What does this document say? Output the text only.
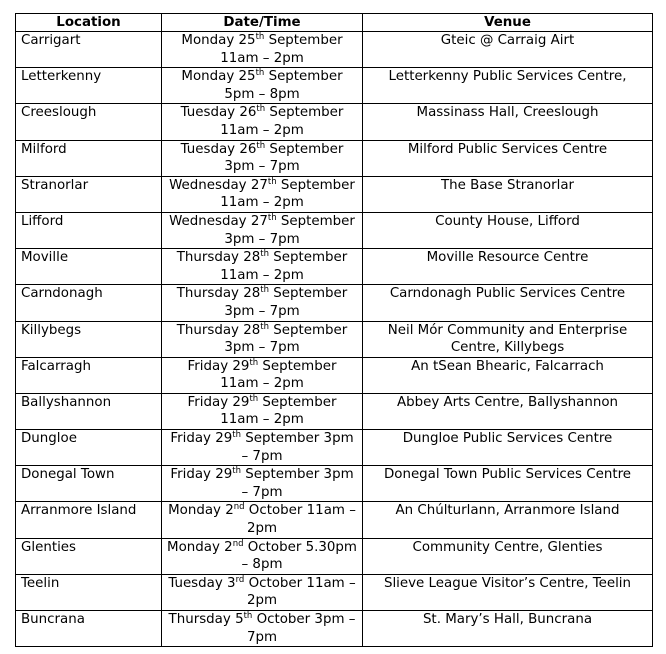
Location	Date/Time	Venue
Carrigart	Monday 25th September 11am – 2pm	Gteic @ Carraig Airt
Letterkenny	Monday 25th September 5pm – 8pm	Letterkenny Public Services Centre,
Creeslough	Tuesday 26th September 11am – 2pm	Massinass Hall, Creeslough
Milford	Tuesday 26th September 3pm – 7pm	Milford Public Services Centre
Stranorlar	Wednesday 27th September 11am – 2pm	The Base Stranorlar
Lifford	Wednesday 27th September 3pm – 7pm	County House, Lifford
Moville	Thursday 28th September 11am – 2pm	Moville Resource Centre
Carndonagh	Thursday 28th September 3pm – 7pm	Carndonagh Public Services Centre
Killybegs	Thursday 28th September 3pm – 7pm	Neil Mór Community and Enterprise Centre, Killybegs
Falcarragh	Friday 29th September 11am – 2pm	An tSean Bhearic, Falcarrach
Ballyshannon	Friday 29th September 11am – 2pm	Abbey Arts Centre, Ballyshannon
Dungloe	Friday 29th September 3pm – 7pm	Dungloe Public Services Centre
Donegal Town	Friday 29th September 3pm – 7pm	Donegal Town Public Services Centre
Arranmore Island	Monday 2nd October 11am – 2pm	An Chúlturlann, Arranmore Island
Glenties	Monday 2nd October 5.30pm – 8pm	Community Centre, Glenties
Teelin	Tuesday 3rd October 11am – 2pm	Slieve League Visitor’s Centre, Teelin
Buncrana	Thursday 5th October 3pm – 7pm	St. Mary’s Hall, Buncrana
